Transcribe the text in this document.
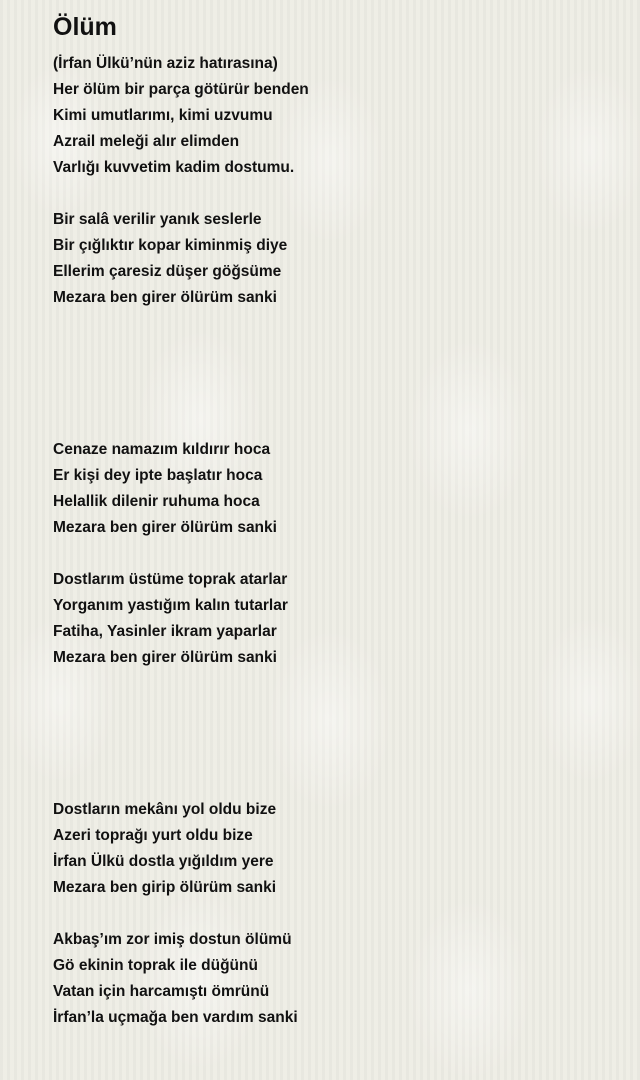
Ölüm
(İrfan Ülkü’nün aziz hatırasına)
Her ölüm bir parça götürür benden
Kimi umutlarımı, kimi uzvumu
Azrail meleği alır elimden
Varlığı kuvvetim kadim dostumu.
Bir salâ verilir yanık seslerle
Bir çığlıktır kopar kiminmiş diye
Ellerim çaresiz düşer göğsüme
Mezara ben girer ölürüm sanki
Cenaze namazım kıldırır hoca
Er kişi dey ipte başlatır hoca
Helallik dilenir ruhuma hoca
Mezara ben girer ölürüm sanki
Dostlarım üstüme toprak atarlar
Yorganım yastığım kalın tutarlar
Fatiha, Yasinler ikram yaparlar
Mezara ben girer ölürüm sanki
Dostların mekânı yol oldu bize
Azeri toprağı yurt oldu bize
İrfan Ülkü dostla yığıldım yere
Mezara ben girip ölürüm sanki
Akbaş’ım zor imiş dostun ölümü
Gö ekinin toprak ile düğünü
Vatan için harcamıştı ömrünü
İrfan’la uçmağa ben vardım sanki
